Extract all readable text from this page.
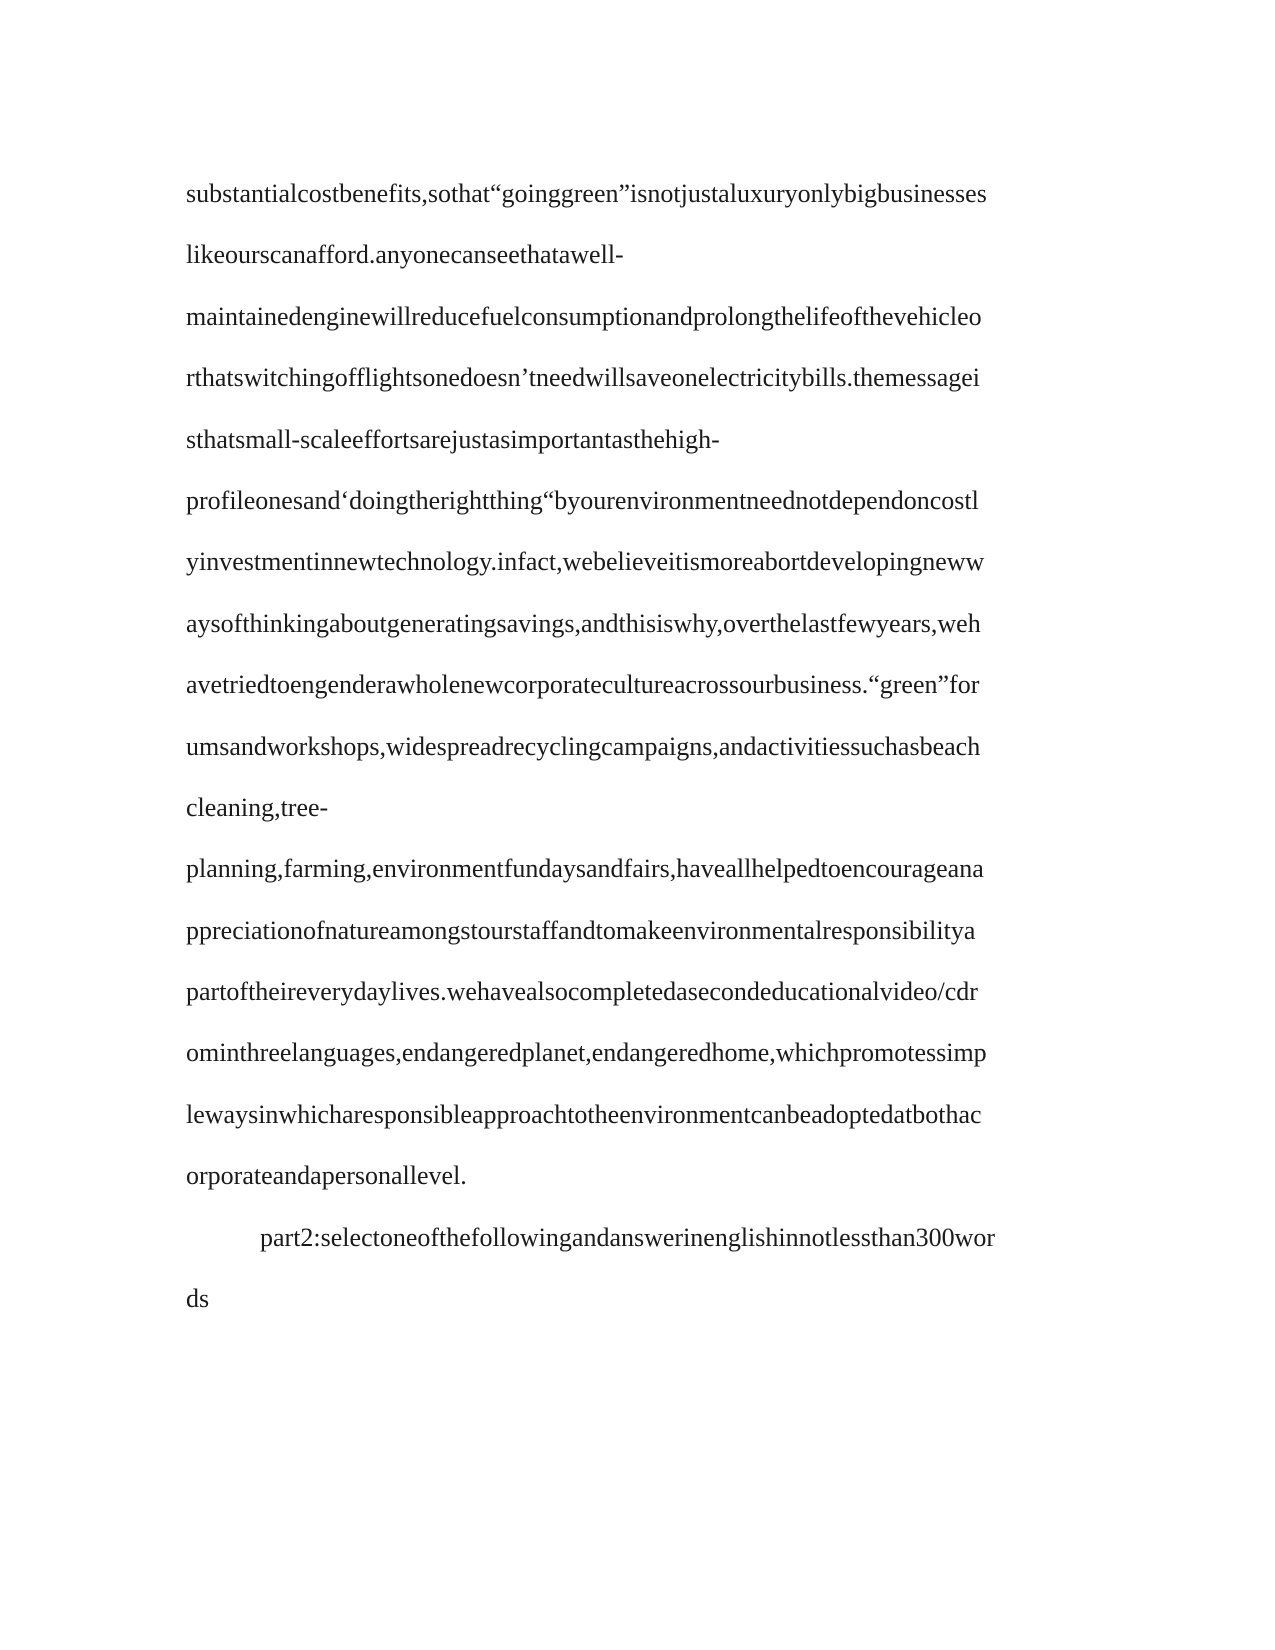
substantialcostbenefits,sothat“goinggreen”isnotjustaluxuryonlybigbusinesses
likeourscanafford.anyonecanseethatawell-
maintainedenginewillreducefuelconsumptionandprolongthelifeofthevehicleo
rthatswitchingofflightsonedoesn’tneedwillsaveonelectricitybills.themessagei
sthatsmall-scaleeffortsarejustasimportantasthehigh-
profileonesand‘doingtherightthing“byourenvironmentneednotdependoncostl
yinvestmentinnewtechnology.infact,webelieveitismoreabortdevelopingneww
aysofthinkingaboutgeneratingsavings,andthisiswhy,overthelastfewyears,weh
avetriedtoengenderawholenewcorporatecultureacrossourbusiness.“green”for
umsandworkshops,widespreadrecyclingcampaigns,andactivitiessuchasbeach
cleaning,tree-
planning,farming,environmentfundaysandfairs,haveallhelpedtoencourageana
ppreciationofnatureamongstourstaffandtomakeenvironmentalresponsibilitya
partoftheireverydaylives.wehavealsocompletedasecondeducationalvideo/cdr
ominthreelanguages,endangeredplanet,endangeredhome,whichpromotessimp
lewaysinwhicharesponsibleapproachtotheenvironmentcanbeadoptedatbothac
orporateandapersonallevel.
part2:selectoneofthefollowingandanswerinenglishinnotlessthan300wor
ds
